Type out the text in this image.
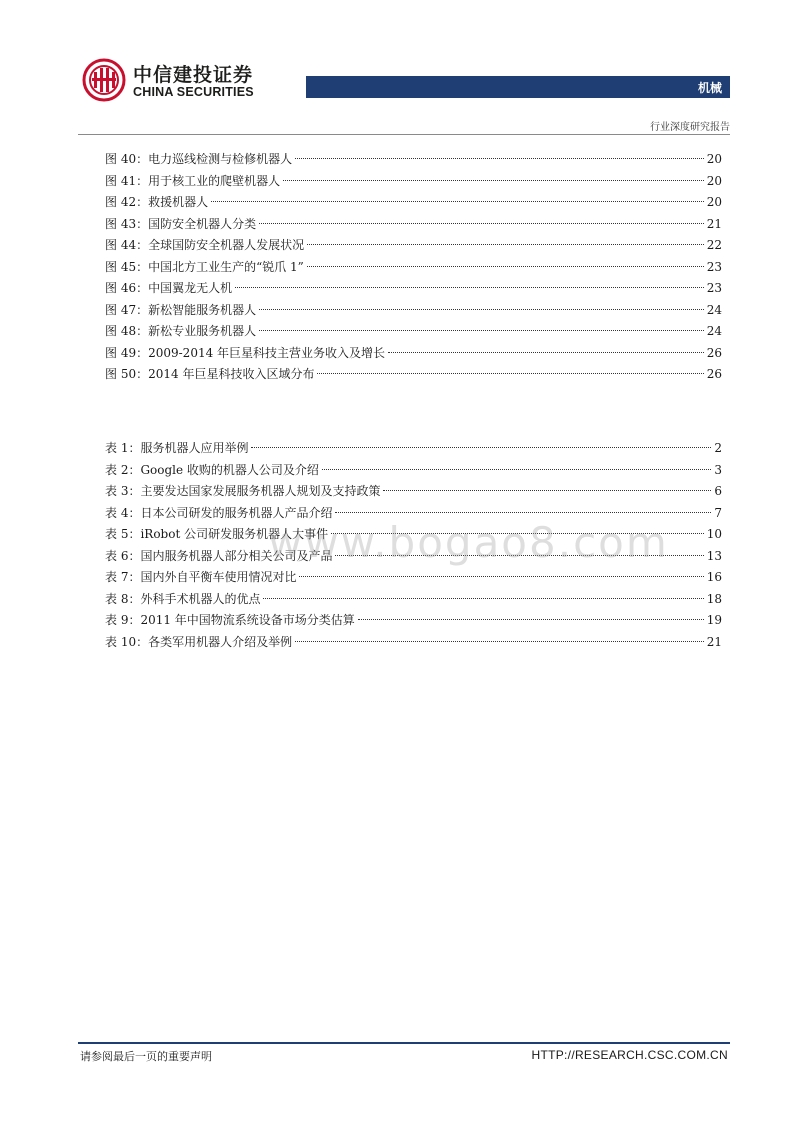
中信建投证券
CHINA SECURITIES	机械
行业深度研究报告
图 40：电力巡线检测与检修机器人	20
图 41：用于核工业的爬壁机器人	20
图 42：救援机器人	20
图 43：国防安全机器人分类	21
图 44：全球国防安全机器人发展状况	22
图 45：中国北方工业生产的“锐爪 1”	23
图 46：中国翼龙无人机	23
图 47：新松智能服务机器人	24
图 48：新松专业服务机器人	24
图 49：2009-2014 年巨星科技主营业务收入及增长	26
图 50：2014 年巨星科技收入区域分布	26
表 1：服务机器人应用举例	2
表 2：Google 收购的机器人公司及介绍	3
表 3：主要发达国家发展服务机器人规划及支持政策	6
表 4：日本公司研发的服务机器人产品介绍	7
表 5：iRobot 公司研发服务机器人大事件	10
表 6：国内服务机器人部分相关公司及产品	13
表 7：国内外自平衡车使用情况对比	16
表 8：外科手术机器人的优点	18
表 9：2011 年中国物流系统设备市场分类估算	19
表 10：各类军用机器人介绍及举例	21
www.bogao8.com
请参阅最后一页的重要声明	HTTP://RESEARCH.CSC.COM.CN
